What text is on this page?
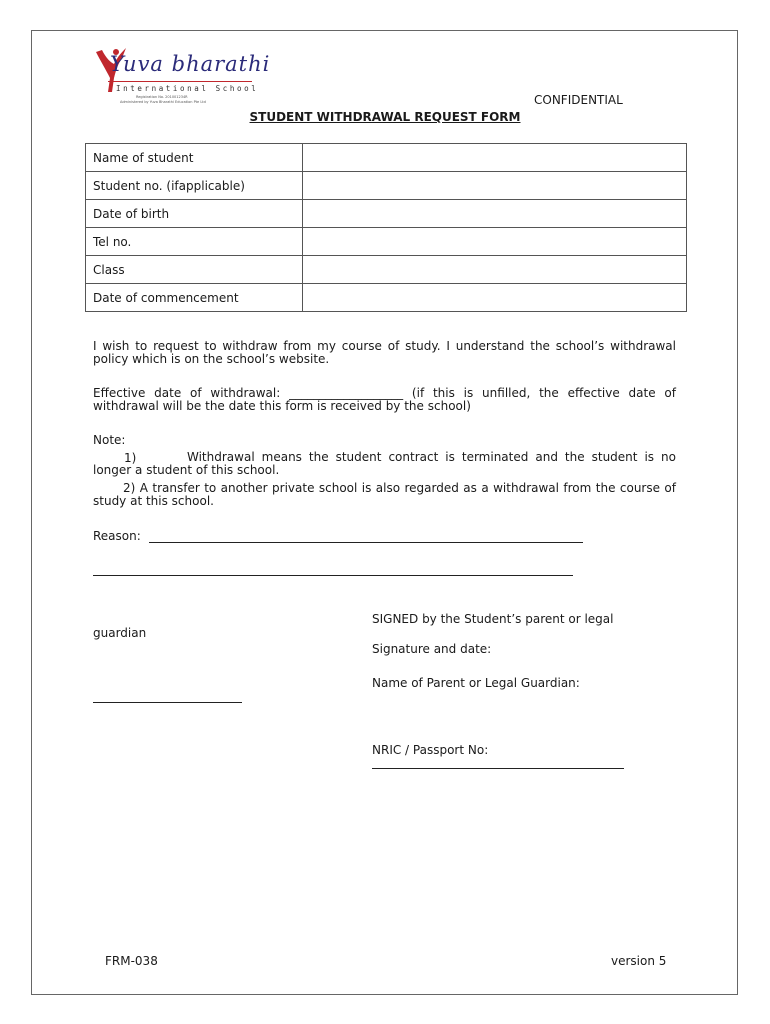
Yuva bharathi
International School
Registration No. 201001234R
Administered by Yuva Bharathi Education Pte Ltd	CONFIDENTIAL
STUDENT WITHDRAWAL REQUEST FORM
Name of student	
Student no. (ifapplicable)	
Date of birth	
Tel no.	
Class	
Date of commencement	
I wish to request to withdraw from my course of study. I understand the school’s withdrawal policy which is on the school’s website.
Effective date of withdrawal: ___________________ (if this is unfilled, the effective date of withdrawal will be the date this form is received by the school)
Note:
1)	Withdrawal means the student contract is terminated and the student is no longer a student of this school.
2) A transfer to another private school is also regarded as a withdrawal from the course of study at this school.
Reason:
SIGNED by the Student’s parent or legal
guardian
Signature and date:
Name of Parent or Legal Guardian:
NRIC / Passport No:
FRM-038	version 5
